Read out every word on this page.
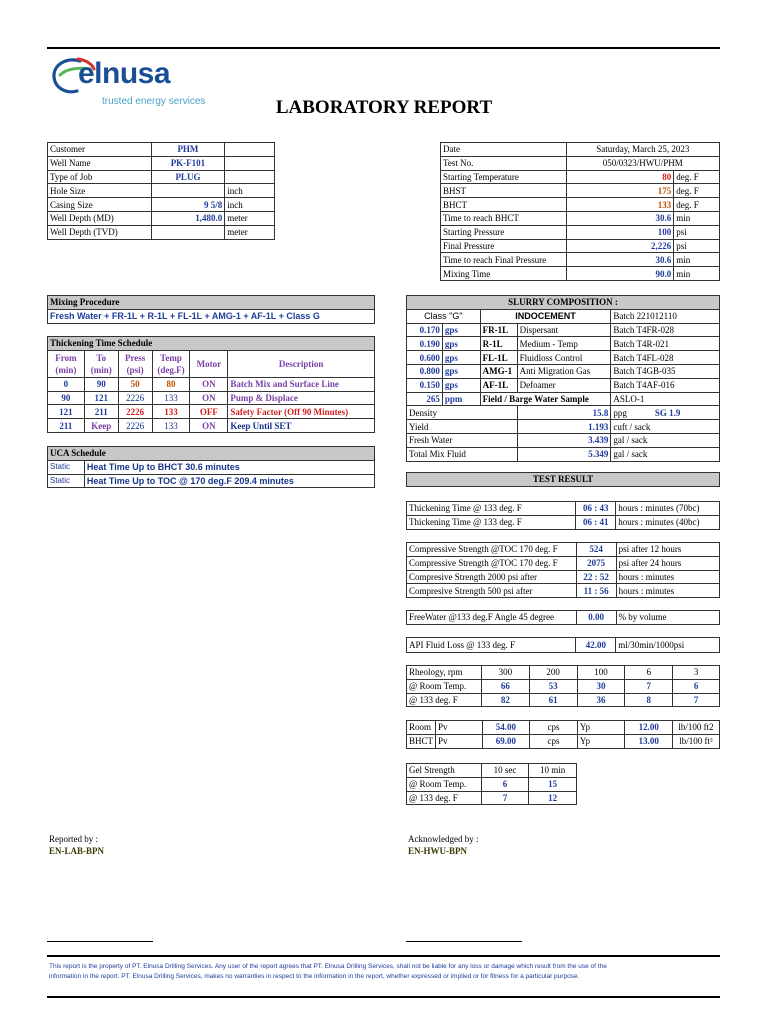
elnusa
trusted energy services	LABORATORY REPORT
Customer	PHM	
Well Name	PK-F101	
Type of Job	PLUG	
Hole Size		inch
Casing Size	9 5/8	inch
Well Depth (MD)	1,480.0	meter
Well Depth (TVD)		meter
Date	Saturday, March 25, 2023	
Test No.	050/0323/HWU/PHM	
Starting Temperature	80	deg. F
BHST	175	deg. F
BHCT	133	deg. F
Time to reach BHCT	30.6	min
Starting Pressure	100	psi
Final Pressure	2,226	psi
Time to reach Final Pressure	30.6	min
Mixing Time	90.0	min
Mixing Procedure
Fresh Water + FR-1L + R-1L + FL-1L + AMG-1 + AF-1L + Class G
Thickening Time Schedule					
From (min)	To (min)	Press (psi)	Temp (deg.F)	Motor	Description
0	90	50	80	ON	Batch Mix and Surface Line
90	121	2226	133	ON	Pump & Displace
121	211	2226	133	OFF	Safety Factor (Off 90 Minutes)
211	Keep	2226	133	ON	Keep Until SET
UCA Schedule	
Static	Heat Time Up to BHCT 30.6 minutes
Static	Heat Time Up to TOC @ 170 deg.F 209.4 minutes
SLURRY COMPOSITION :				
Class "G"		INDOCEMENT		Batch 221012110
0.170	gps	FR-1L	Dispersant	Batch T4FR-028
0.190	gps	R-1L	Medium - Temp	Batch T4R-021
0.600	gps	FL-1L	Fluidloss Control	Batch T4FL-028
0.800	gps	AMG-1	Anti Migration Gas	Batch T4GB-035
0.150	gps	AF-1L	Defoamer	Batch T4AF-016
265	ppm	Field / Barge Water Sample		ASLO-1
Density			15.8	ppg SG 1.9
Yield			1.193	cuft / sack
Fresh Water			3.439	gal / sack
Total Mix Fluid			5.349	gal / sack
TEST RESULT
Thickening Time @ 133 deg. F	06 : 43	hours : minutes (70bc)
Thickening Time @ 133 deg. F	06 : 41	hours : minutes (40bc)
Compressive Strength @TOC 170 deg. F	524	psi after 12 hours
Compressive Strength @TOC 170 deg. F	2075	psi after 24 hours
Compresive Strength 2000 psi after	22 : 52	hours : minutes
Compresive Strength 500 psi after	11 : 56	hours : minutes
FreeWater @133 deg.F Angle 45 degree	0.00	% by volume
API Fluid Loss @ 133 deg. F	42.00	ml/30min/1000psi
Rheology, rpm	300	200	100	6	3
@ Room Temp.	66	53	30	7	6
@ 133 deg. F	82	61	36	8	7
Room	Pv	54.00	cps	Yp	12.00	lb/100 ft2
BHCT	Pv	69.00	cps	Yp	13.00	lb/100 ft²
Gel Strength	10 sec	10 min
@ Room Temp.	6	15
@ 133 deg. F	7	12
Reported by :
EN-LAB-BPN
Acknowledged by :
EN-HWU-BPN
This report is the property of PT. Elnusa Drilling Services. Any user of the report agrees that PT. Elnusa Drilling Services, shall not be liable for any loss or damage which result from the use of the information in the report. PT. Elnusa Drilling Services, makes no warranties in respect to the information in the report, whether expressed or implied or for fitness for a particular purpose.
